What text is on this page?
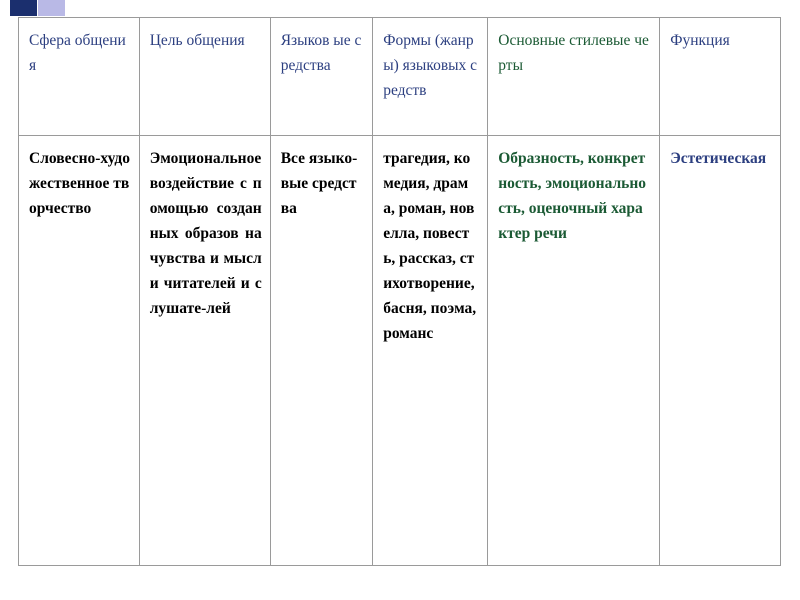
Сфера общения	Цель общения	Языков ые средства	Формы (жанры) языковых средств	Основные стилевые черты	Функция
Словесно-художественное творчество	Эмоциональное воздействие с помощью созданных образов на чувства и мысли читателей и слушате-лей	Все языко-вые средства	трагедия, комедия, драма, роман, новелла, повесть, рассказ, стихотворение, басня, поэма, романс	Образность, конкретность, эмоциональность, оценочный характер речи	Эстетическая
